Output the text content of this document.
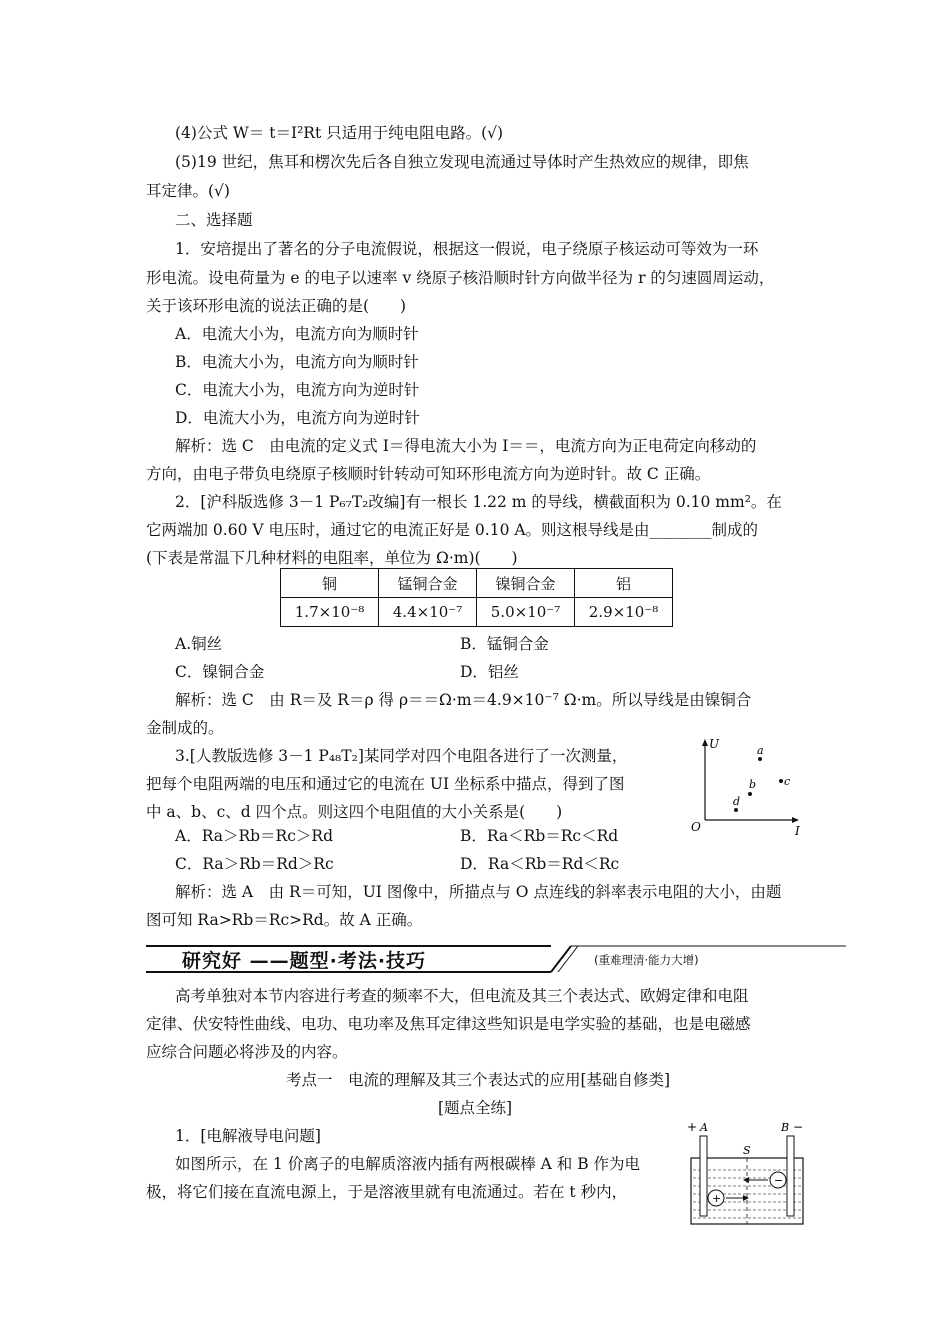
(4)公式 W＝ t＝I²Rt 只适用于纯电阻电路。(√)
(5)19 世纪，焦耳和楞次先后各自独立发现电流通过导体时产生热效应的规律，即焦
耳定律。(√)
二、选择题
1．安培提出了著名的分子电流假说，根据这一假说，电子绕原子核运动可等效为一环
形电流。设电荷量为 e 的电子以速率 v 绕原子核沿顺时针方向做半径为 r 的匀速圆周运动，
关于该环形电流的说法正确的是(　　)
A．电流大小为，电流方向为顺时针
B．电流大小为，电流方向为顺时针
C．电流大小为，电流方向为逆时针
D．电流大小为，电流方向为逆时针
解析：选 C　由电流的定义式 I＝得电流大小为 I＝＝，电流方向为正电荷定向移动的
方向，由电子带负电绕原子核顺时针转动可知环形电流方向为逆时针。故 C 正确。
2．[沪科版选修 3－1 P₆₇T₂改编]有一根长 1.22 m 的导线，横截面积为 0.10 mm²。在
它两端加 0.60 V 电压时，通过它的电流正好是 0.10 A。则这根导线是由________制成的
(下表是常温下几种材料的电阻率，单位为 Ω·m)(　　)
铜	锰铜合金	镍铜合金	铝
1.7×10⁻⁸	4.4×10⁻⁷	5.0×10⁻⁷	2.9×10⁻⁸
A.铜丝	B．锰铜合金
C．镍铜合金	D．铝丝
解析：选 C　由 R＝及 R＝ρ 得 ρ＝＝Ω·m＝4.9×10⁻⁷ Ω·m。所以导线是由镍铜合
金制成的。
3.[人教版选修 3－1 P₄₈T₂]某同学对四个电阻各进行了一次测量，
把每个电阻两端的电压和通过它的电流在 UI 坐标系中描点，得到了图
中 a、b、c、d 四个点。则这四个电阻值的大小关系是(　　)
U
I
O
a
b	c
d
A．Ra＞Rb＝Rc＞Rd	B．Ra＜Rb＝Rc＜Rd
C．Ra＞Rb＝Rd＞Rc	D．Ra＜Rb＝Rd＜Rc
解析：选 A　由 R＝可知，UI 图像中，所描点与 O 点连线的斜率表示电阻的大小，由题
图可知 Ra>Rb＝Rc>Rd。故 A 正确。
研究好 ——题型·考法·技巧	(重难理清·能力大增)
高考单独对本节内容进行考查的频率不大，但电流及其三个表达式、欧姆定律和电阻
定律、伏安特性曲线、电功、电功率及焦耳定律这些知识是电学实验的基础，也是电磁感
应综合问题必将涉及的内容。
考点一　电流的理解及其三个表达式的应用[基础自修类]
[题点全练]
1．[电解液导电问题]
如图所示，在 1 价离子的电解质溶液内插有两根碳棒 A 和 B 作为电
极，将它们接在直流电源上，于是溶液里就有电流通过。若在 t 秒内，
+ A	B −
S
+
−
